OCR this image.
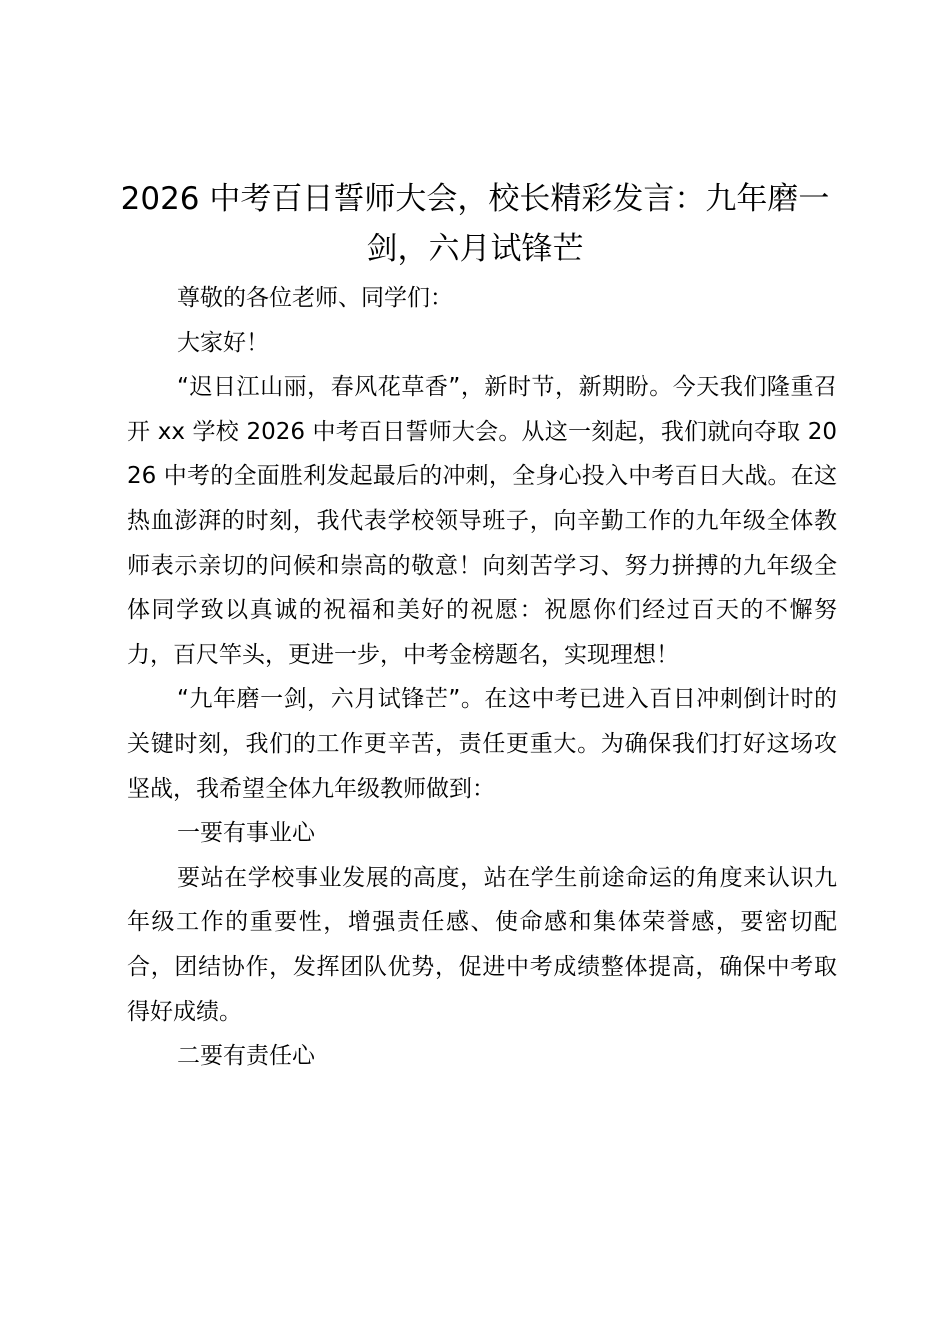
2026 中考百日誓师大会，校长精彩发言：九年磨一剑，六月试锋芒

尊敬的各位老师、同学们：

大家好！

“迟日江山丽，春风花草香”，新时节，新期盼。今天我们隆重召开 xx 学校 2026 中考百日誓师大会。从这一刻起，我们就向夺取 2026 中考的全面胜利发起最后的冲刺，全身心投入中考百日大战。在这热血澎湃的时刻，我代表学校领导班子，向辛勤工作的九年级全体教师表示亲切的问候和崇高的敬意！向刻苦学习、努力拼搏的九年级全体同学致以真诚的祝福和美好的祝愿：祝愿你们经过百天的不懈努力，百尺竿头，更进一步，中考金榜题名，实现理想！

“九年磨一剑，六月试锋芒”。在这中考已进入百日冲刺倒计时的关键时刻，我们的工作更辛苦，责任更重大。为确保我们打好这场攻坚战，我希望全体九年级教师做到：

一要有事业心

要站在学校事业发展的高度，站在学生前途命运的角度来认识九年级工作的重要性，增强责任感、使命感和集体荣誉感，要密切配合，团结协作，发挥团队优势，促进中考成绩整体提高，确保中考取得好成绩。

二要有责任心
